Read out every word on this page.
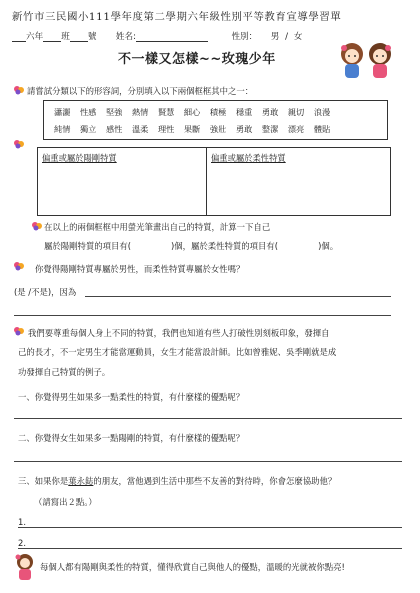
新竹市三民國小111學年度第二學期六年級性別平等教育宣導學習單
六年 班 號 姓名:	性別： 男 / 女
不一樣又怎樣~~玫瑰少年
請嘗試分類以下的形容詞，分別填入以下兩個框框其中之一：
瀟灑 性感 堅強 熱情 賢慧 細心 積極 穩重 勇敢 親切 浪漫
純情 獨立 感性 溫柔 理性 果斷 強壯 勇敢 整潔 漂亮 體貼
偏重或屬於陽剛特質	偏重或屬於柔性特質
在以上的兩個框框中用螢光筆畫出自己的特質，計算一下自己
屬於陽剛特質的項目有(	)個，屬於柔性特質的項目有(	)個。
你覺得陽剛特質專屬於男性，而柔性特質專屬於女性嗎？
(是 /不是)，因為
我們要尊重每個人身上不同的特質，我們也知道有些人打破性別刻板印象，發揮自
己的長才，不一定男生才能當運動員，女生才能當設計師。比如曾雅妮、吳季剛就是成
功發揮自己特質的例子。
一、你覺得男生如果多一點柔性的特質，有什麼樣的優點呢？
二、你覺得女生如果多一點陽剛的特質，有什麼樣的優點呢？
三、如果你是葉永鋕的朋友，當他遇到生活中那些不友善的對待時，你會怎麼協助他？
（請寫出２點。）
1.
2.
每個人都有陽剛與柔性的特質，懂得欣賞自己與他人的優點，溫暖的光就被你點亮!
